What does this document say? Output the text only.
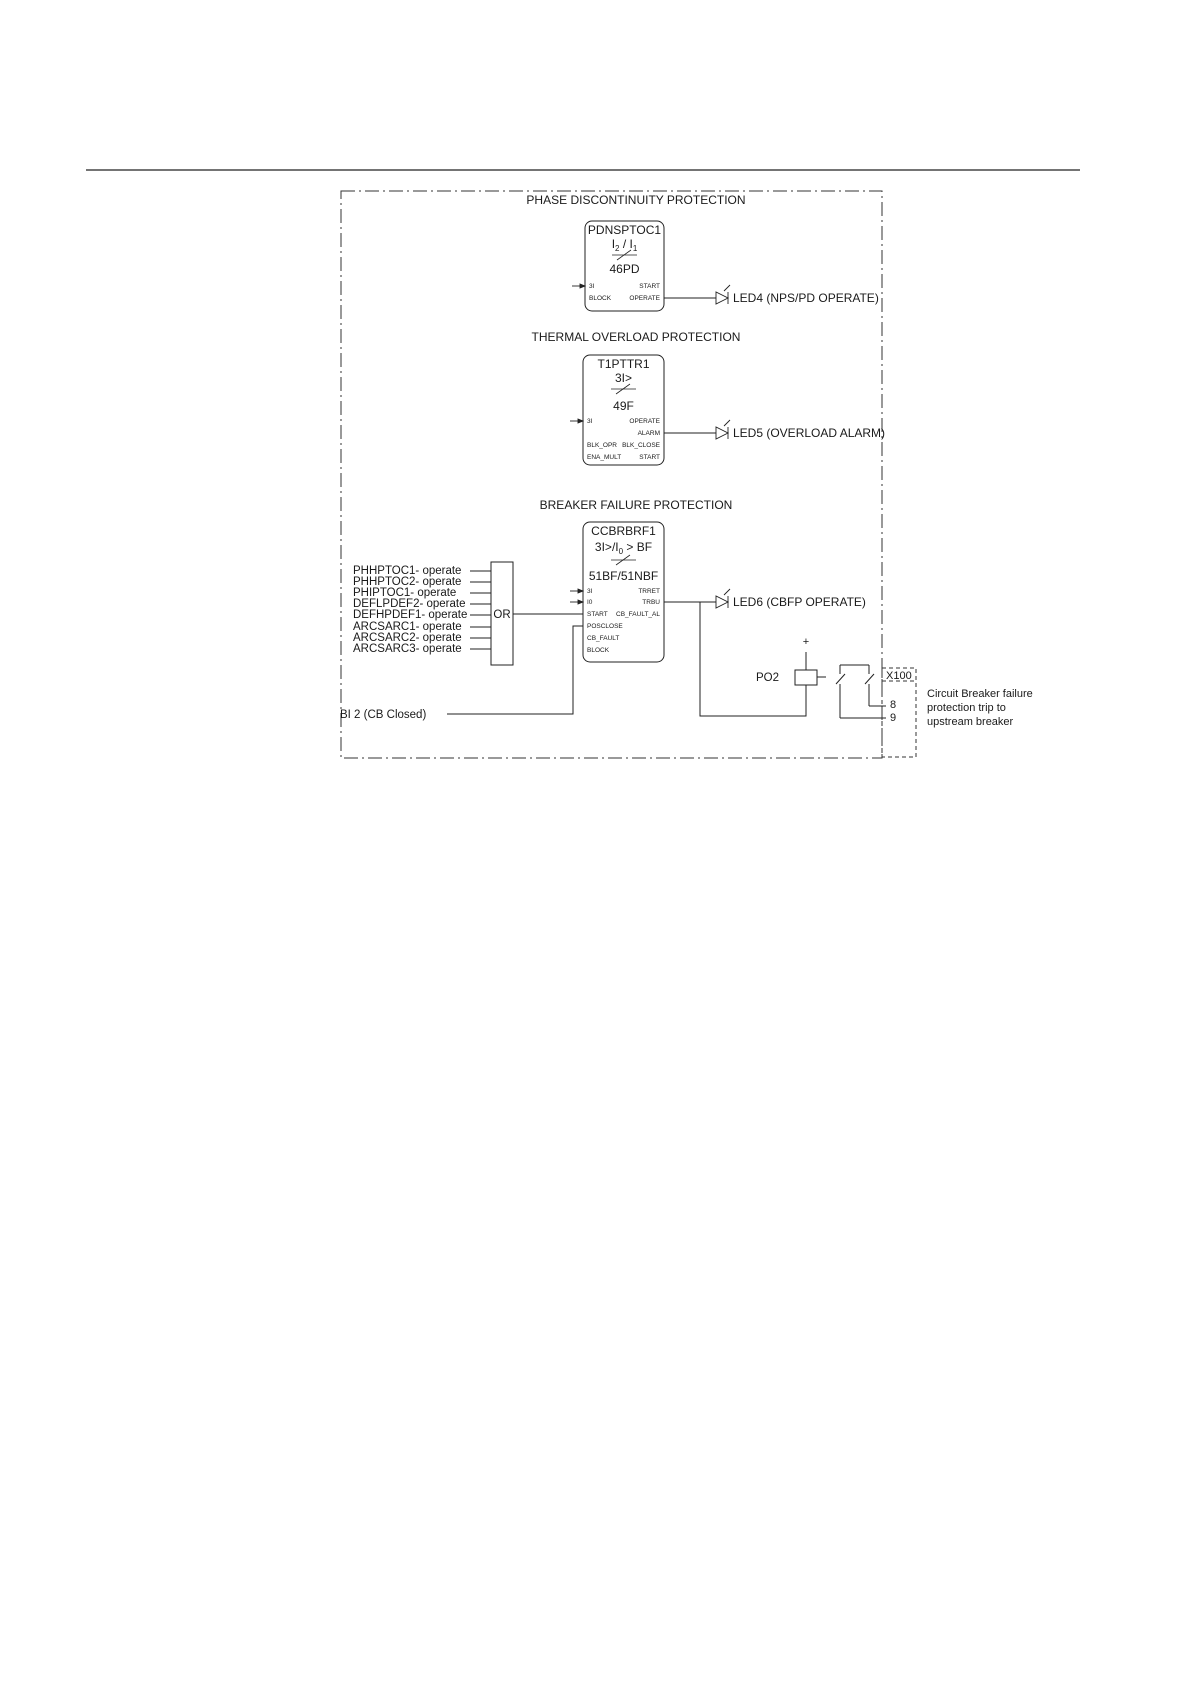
PHASE DISCONTINUITY PROTECTION
PDNSPTOC1
$I_2 / I_1$
46PD
3I
BLOCK
START
OPERATE	LED4 (NPS/PD OPERATE)
THERMAL OVERLOAD PROTECTION
T1PTTR1
3I>
49F
3I
BLK_OPR
ENA_MULT
OPERATE
ALARM
BLK_CLOSE
START
LED5 (OVERLOAD ALARM)
BREAKER FAILURE PROTECTION
CCBRBRF1
$3I>/I_0$ > BF
51BF/51NBF
3I
I0
START
POSCLOSE
CB_FAULT
BLOCK
TRRET
TRBU
CB_FAULT_AL
OR
PHHPTOC1- operate
PHHPTOC2- operate
PHIPTOC1- operate
DEFLPDEF2- operate
DEFHPDEF1- operate
ARCSARC1- operate
ARCSARC2- operate
ARCSARC3- operate
BI 2 (CB Closed)
LED6 (CBFP OPERATE)
+
PO2	X100
8
9
Circuit Breaker failure
protection trip to
upstream breaker
